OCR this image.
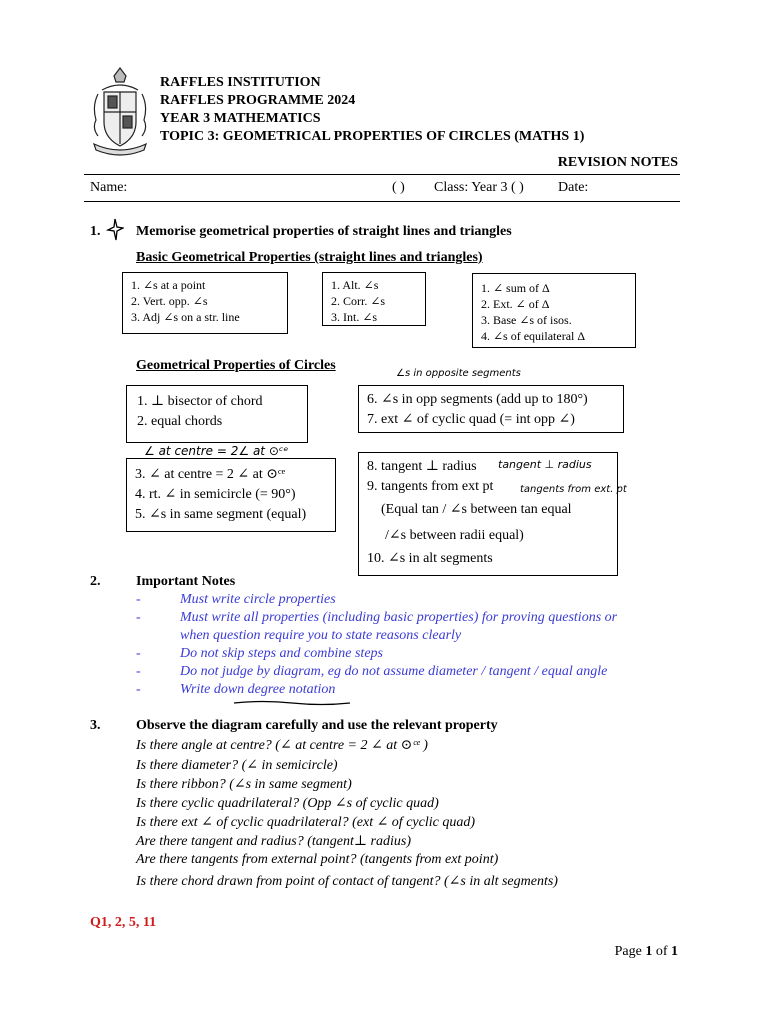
RAFFLES INSTITUTION
RAFFLES PROGRAMME 2024
YEAR 3 MATHEMATICS
TOPIC 3: GEOMETRICAL PROPERTIES OF CIRCLES (MATHS 1)
REVISION NOTES
Name:	( ) Class: Year 3 ( ) Date:
1.	Memorise geometrical properties of straight lines and triangles
Basic Geometrical Properties (straight lines and triangles)
1. ∠s at a point
2. Vert. opp. ∠s
3. Adj ∠s on a str. line
1. Alt. ∠s
2. Corr. ∠s
3. Int. ∠s
1. ∠ sum of Δ
2. Ext. ∠ of Δ
3. Base ∠s of isos.
4. ∠s of equilateral Δ
Geometrical Properties of Circles
∠s in opposite segments
1. ⊥ bisector of chord
2. equal chords
6. ∠s in opp segments (add up to 180°)
7. ext ∠ of cyclic quad (= int opp ∠)
∠ at centre = 2∠ at ⊙ᶜᵉ
3. ∠ at centre = 2 ∠ at ⊙ᶜᵉ
4. rt. ∠ in semicircle (= 90°)
5. ∠s in same segment (equal)
8. tangent ⊥ radius
9. tangents from ext pt
(Equal tan / ∠s between tan equal
/∠s between radii equal)
10. ∠s in alt segments
tangent ⊥ radius
tangents from ext. pt
2.	Important Notes
-	Must write circle properties
-	Must write all properties (including basic properties) for proving questions or
when question require you to state reasons clearly
-	Do not skip steps and combine steps
-	Do not judge by diagram, eg do not assume diameter / tangent / equal angle
-	Write down degree notation
3.	Observe the diagram carefully and use the relevant property
Is there angle at centre? (∠ at centre = 2 ∠ at ⊙ᶜᵉ )
Is there diameter? (∠ in semicircle)
Is there ribbon? (∠s in same segment)
Is there cyclic quadrilateral? (Opp ∠s of cyclic quad)
Is there ext ∠ of cyclic quadrilateral? (ext ∠ of cyclic quad)
Are there tangent and radius? (tangent⊥ radius)
Are there tangents from external point? (tangents from ext point)
Is there chord drawn from point of contact of tangent? (∠s in alt segments)
Q1, 2, 5, 11
Page 1 of 1
